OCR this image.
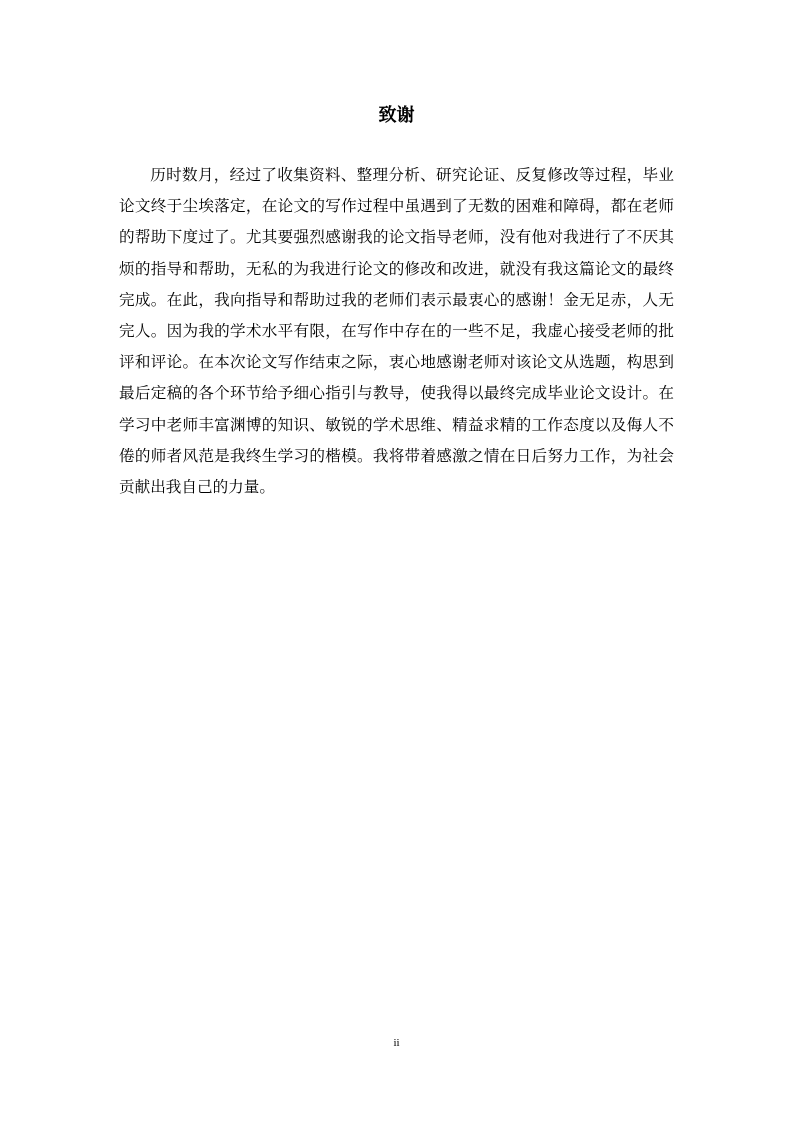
致谢

历时数月，经过了收集资料、整理分析、研究论证、反复修改等过程，毕业论文终于尘埃落定，在论文的写作过程中虽遇到了无数的困难和障碍，都在老师的帮助下度过了。尤其要强烈感谢我的论文指导老师，没有他对我进行了不厌其烦的指导和帮助，无私的为我进行论文的修改和改进，就没有我这篇论文的最终完成。在此，我向指导和帮助过我的老师们表示最衷心的感谢！金无足赤，人无完人。因为我的学术水平有限，在写作中存在的一些不足，我虚心接受老师的批评和评论。在本次论文写作结束之际，衷心地感谢老师对该论文从选题，构思到最后定稿的各个环节给予细心指引与教导，使我得以最终完成毕业论文设计。在学习中老师丰富渊博的知识、敏锐的学术思维、精益求精的工作态度以及侮人不倦的师者风范是我终生学习的楷模。我将带着感激之情在日后努力工作，为社会贡献出我自己的力量。

ii
